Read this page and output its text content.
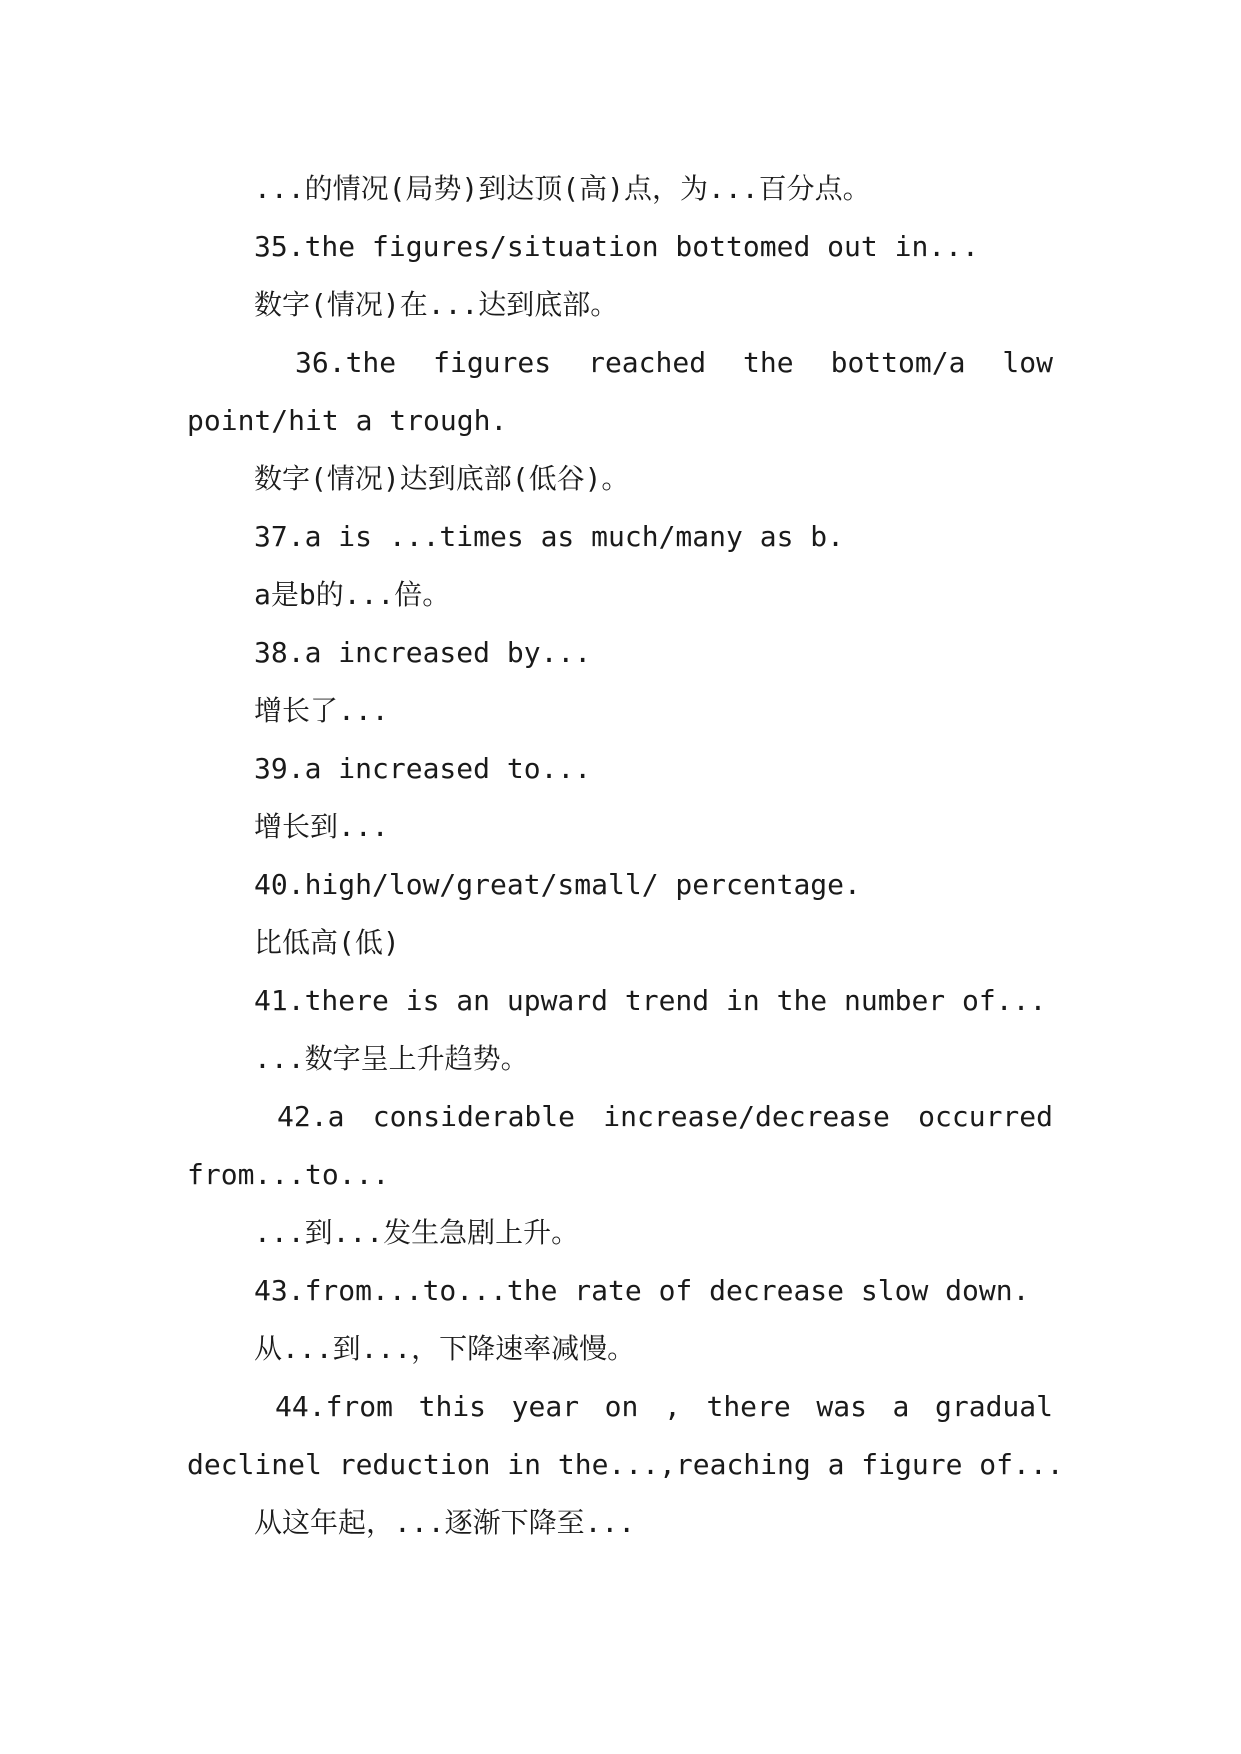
...的情况(局势)到达顶(高)点，为...百分点。
35.the figures/situation bottomed out in...
数字(情况)在...达到底部。
36.the figures reached the bottom/a low
point/hit a trough.
数字(情况)达到底部(低谷)。
37.a is ...times as much/many as b.
a是b的...倍。
38.a increased by...
增长了...
39.a increased to...
增长到...
40.high/low/great/small/ percentage.
比低高(低)
41.there is an upward trend in the number of...
...数字呈上升趋势。
42.a considerable increase/decrease occurred
from...to...
...到...发生急剧上升。
43.from...to...the rate of decrease slow down.
从...到...，下降速率减慢。
44.from this year on , there was a gradual
declinel reduction in the...,reaching a figure of...
从这年起，...逐渐下降至...
